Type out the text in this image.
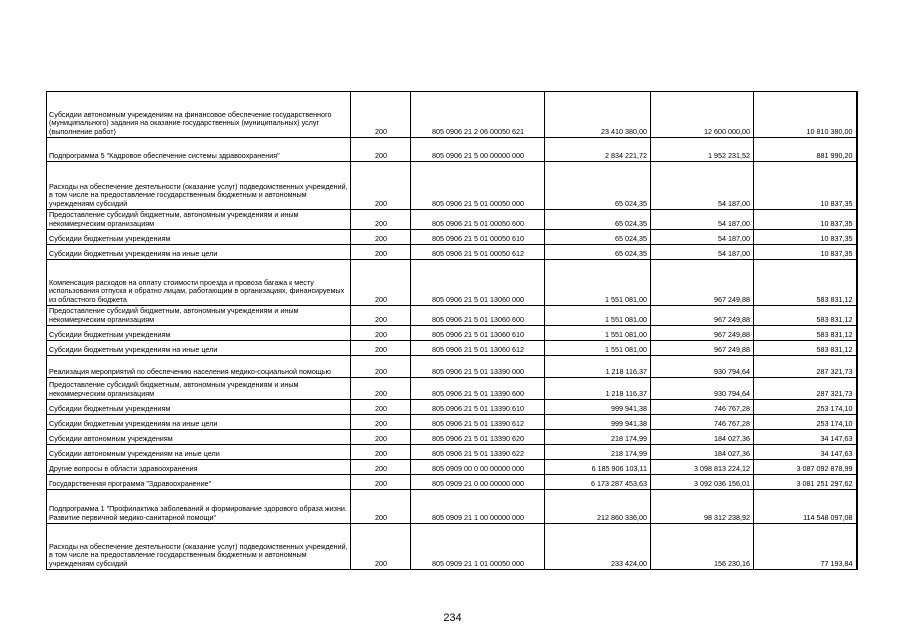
Субсидии автономным учреждениям на финансовое обеспечение государственного (муниципального) задания на оказание государственных (муниципальных) услуг (выполнение работ)	200	805 0906 21 2 06 00050 621	23 410 380,00	12 600 000,00	10 810 380,00
Подпрограмма 5 "Кадровое обеспечение системы здравоохранения"	200	805 0906 21 5 00 00000 000	2 834 221,72	1 952 231,52	881 990,20
Расходы на обеспечение деятельности (оказание услуг) подведомственных учреждений, в том числе на предоставление государственным бюджетным и автономным учреждениям субсидий	200	805 0906 21 5 01 00050 000	65 024,35	54 187,00	10 837,35
Предоставление субсидий бюджетным, автономным учреждениям и иным некоммерческим организациям	200	805 0906 21 5 01 00050 600	65 024,35	54 187,00	10 837,35
Субсидии бюджетным учреждениям	200	805 0906 21 5 01 00050 610	65 024,35	54 187,00	10 837,35
Субсидии бюджетным учреждениям на иные цели	200	805 0906 21 5 01 00050 612	65 024,35	54 187,00	10 837,35
Компенсация расходов на оплату стоимости проезда и провоза багажа к месту использования отпуска и обратно лицам, работающим в организациях, финансируемых из областного бюджета	200	805 0906 21 5 01 13060 000	1 551 081,00	967 249,88	583 831,12
Предоставление субсидий бюджетным, автономным учреждениям и иным некоммерческим организациям	200	805 0906 21 5 01 13060 600	1 551 081,00	967 249,88	583 831,12
Субсидии бюджетным учреждениям	200	805 0906 21 5 01 13060 610	1 551 081,00	967 249,88	583 831,12
Субсидии бюджетным учреждениям на иные цели	200	805 0906 21 5 01 13060 612	1 551 081,00	967 249,88	583 831,12
Реализация мероприятий по обеспечению населения медико-социальной помощью	200	805 0906 21 5 01 13390 000	1 218 116,37	930 794,64	287 321,73
Предоставление субсидий бюджетным, автономным учреждениям и иным некоммерческим организациям	200	805 0906 21 5 01 13390 600	1 218 116,37	930 794,64	287 321,73
Субсидии бюджетным учреждениям	200	805 0906 21 5 01 13390 610	999 941,38	746 767,28	253 174,10
Субсидии бюджетным учреждениям на иные цели	200	805 0906 21 5 01 13390 612	999 941,38	746 767,28	253 174,10
Субсидии автономным учреждениям	200	805 0906 21 5 01 13390 620	218 174,99	184 027,36	34 147,63
Субсидии автономным учреждениям на иные цели	200	805 0906 21 5 01 13390 622	218 174,99	184 027,36	34 147,63
Другие вопросы в области здравоохранения	200	805 0909 00 0 00 00000 000	6 185 906 103,11	3 098 813 224,12	3 087 092 878,99
Государственная программа "Здравоохранение"	200	805 0909 21 0 00 00000 000	6 173 287 453,63	3 092 036 156,01	3 081 251 297,62
Подпрограмма 1 "Профилактика заболеваний и формирование здорового образа жизни. Развитие первичной медико-санитарной помощи"	200	805 0909 21 1 00 00000 000	212 860 336,00	98 312 238,92	114 548 097,08
Расходы на обеспечение деятельности (оказание услуг) подведомственных учреждений, в том числе на предоставление государственным бюджетным и автономным учреждениям субсидий	200	805 0909 21 1 01 00050 000	233 424,00	156 230,16	77 193,84
234
